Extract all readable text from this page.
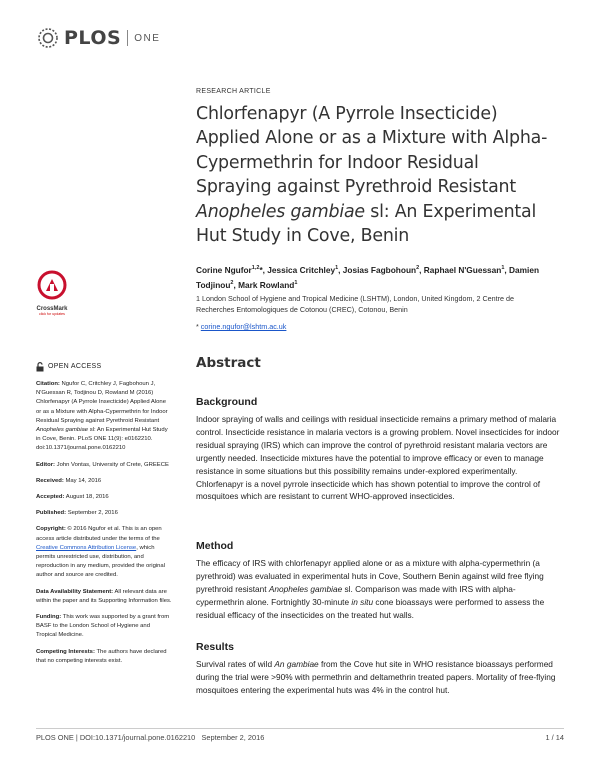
PLOS ONE
RESEARCH ARTICLE
Chlorfenapyr (A Pyrrole Insecticide) Applied Alone or as a Mixture with Alpha-Cypermethrin for Indoor Residual Spraying against Pyrethroid Resistant Anopheles gambiae sl: An Experimental Hut Study in Cove, Benin
Corine Ngufor$^{1,2}$*, Jessica Critchley$^1$, Josias Fagbohoun$^2$, Raphael N'Guessan$^1$, Damien Todjinou$^2$, Mark Rowland$^1$
1 London School of Hygiene and Tropical Medicine (LSHTM), London, United Kingdom, 2 Centre de Recherches Entomologiques de Cotonou (CREC), Cotonou, Benin
* corine.ngufor@lshtm.ac.uk
CrossMark
click for updates
OPEN ACCESS
Citation: Ngufor C, Critchley J, Fagbohoun J, N'Guessan R, Todjinou D, Rowland M (2016) Chlorfenapyr (A Pyrrole Insecticide) Applied Alone or as a Mixture with Alpha-Cypermethrin for Indoor Residual Spraying against Pyrethroid Resistant Anopheles gambiae sl: An Experimental Hut Study in Cove, Benin. PLoS ONE 11(9): e0162210. doi:10.1371/journal.pone.0162210
Editor: John Vontas, University of Crete, GREECE
Received: May 14, 2016
Accepted: August 18, 2016
Published: September 2, 2016
Copyright: © 2016 Ngufor et al. This is an open access article distributed under the terms of the Creative Commons Attribution License, which permits unrestricted use, distribution, and reproduction in any medium, provided the original author and source are credited.
Data Availability Statement: All relevant data are within the paper and its Supporting Information files.
Funding: This work was supported by a grant from BASF to the London School of Hygiene and Tropical Medicine.
Competing Interests: The authors have declared that no competing interests exist.
Abstract
Background

Indoor spraying of walls and ceilings with residual insecticide remains a primary method of malaria control. Insecticide resistance in malaria vectors is a growing problem. Novel insecticides for indoor residual spraying (IRS) which can improve the control of pyrethroid resistant malaria vectors are urgently needed. Insecticide mixtures have the potential to improve efficacy or even to manage resistance in some situations but this possibility remains under-explored experimentally. Chlorfenapyr is a novel pyrrole insecticide which has shown potential to improve the control of mosquitoes which are resistant to current WHO-approved insecticides.

Method

The efficacy of IRS with chlorfenapyr applied alone or as a mixture with alpha-cypermethrin (a pyrethroid) was evaluated in experimental huts in Cove, Southern Benin against wild free flying pyrethroid resistant Anopheles gambiae sl. Comparison was made with IRS with alpha-cypermethrin alone. Fortnightly 30-minute in situ cone bioassays were performed to assess the residual efficacy of the insecticides on the treated hut walls.

Results

Survival rates of wild An gambiae from the Cove hut site in WHO resistance bioassays performed during the trial were >90% with permethrin and deltamethrin treated papers. Mortality of free-flying mosquitoes entering the experimental huts was 4% in the control hut.

PLOS ONE | DOI:10.1371/journal.pone.0162210   September 2, 2016	1 / 14
